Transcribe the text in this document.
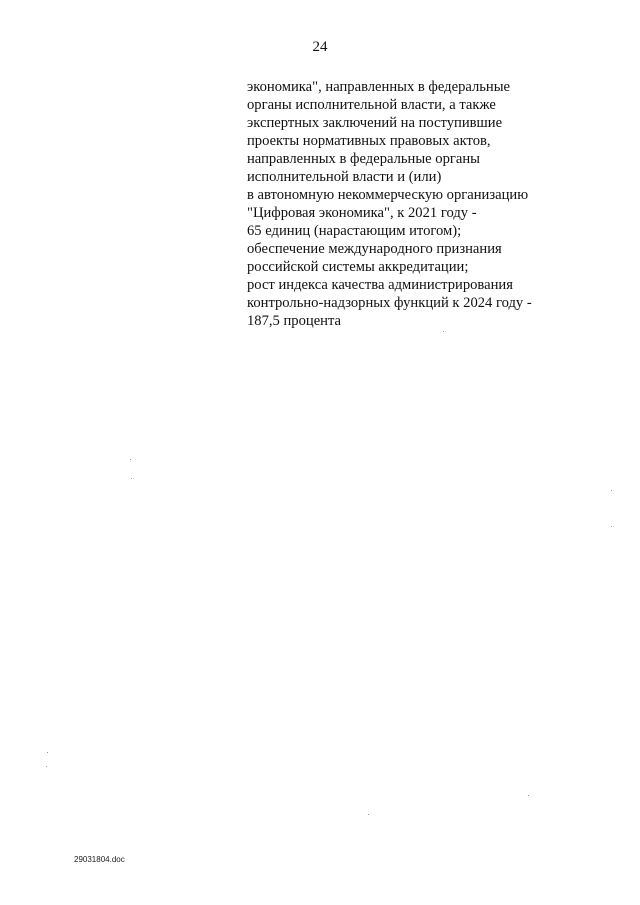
24
экономика", направленных в федеральные
органы исполнительной власти, а также
экспертных заключений на поступившие
проекты нормативных правовых актов,
направленных в федеральные органы
исполнительной власти и (или)
в автономную некоммерческую организацию
"Цифровая экономика", к 2021 году -
65 единиц (нарастающим итогом);
обеспечение международного признания
российской системы аккредитации;
рост индекса качества администрирования
контрольно-надзорных функций к 2024 году -
187,5 процента
29031804.doc
